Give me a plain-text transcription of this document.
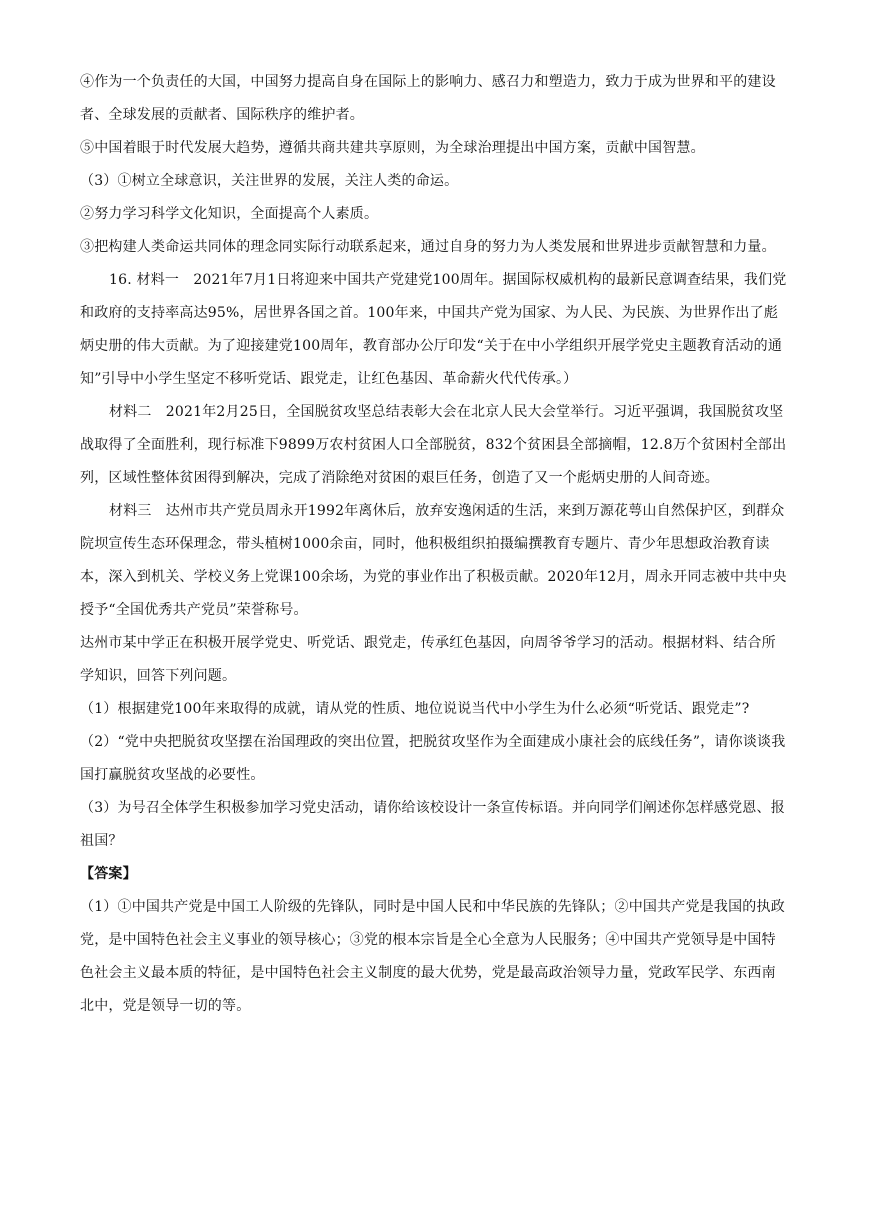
④作为一个负责任的大国，中国努力提高自身在国际上的影响力、感召力和塑造力，致力于成为世界和平的建设者、全球发展的贡献者、国际秩序的维护者。

⑤中国着眼于时代发展大趋势，遵循共商共建共享原则，为全球治理提出中国方案，贡献中国智慧。

（3）①树立全球意识，关注世界的发展，关注人类的命运。

②努力学习科学文化知识，全面提高个人素质。

③把构建人类命运共同体的理念同实际行动联系起来，通过自身的努力为人类发展和世界进步贡献智慧和力量。

16. 材料一　2021年7月1日将迎来中国共产党建党100周年。据国际权威机构的最新民意调查结果，我们党和政府的支持率高达95%，居世界各国之首。100年来，中国共产党为国家、为人民、为民族、为世界作出了彪炳史册的伟大贡献。为了迎接建党100周年，教育部办公厅印发“关于在中小学组织开展学党史主题教育活动的通知”引导中小学生坚定不移听党话、跟党走，让红色基因、革命薪火代代传承。）

材料二　2021年2月25日，全国脱贫攻坚总结表彰大会在北京人民大会堂举行。习近平强调，我国脱贫攻坚战取得了全面胜利，现行标准下9899万农村贫困人口全部脱贫，832个贫困县全部摘帽，12.8万个贫困村全部出列，区域性整体贫困得到解决，完成了消除绝对贫困的艰巨任务，创造了又一个彪炳史册的人间奇迹。

材料三　达州市共产党员周永开1992年离休后，放弃安逸闲适的生活，来到万源花萼山自然保护区，到群众院坝宣传生态环保理念，带头植树1000余亩，同时，他积极组织拍摄编撰教育专题片、青少年思想政治教育读本，深入到机关、学校义务上党课100余场，为党的事业作出了积极贡献。2020年12月，周永开同志被中共中央授予“全国优秀共产党员”荣誉称号。

达州市某中学正在积极开展学党史、听党话、跟党走，传承红色基因，向周爷爷学习的活动。根据材料、结合所学知识，回答下列问题。

（1）根据建党100年来取得的成就，请从党的性质、地位说说当代中小学生为什么必须“听党话、跟党走”?

（2）“党中央把脱贫攻坚摆在治国理政的突出位置，把脱贫攻坚作为全面建成小康社会的底线任务”，请你谈谈我国打赢脱贫攻坚战的必要性。

（3）为号召全体学生积极参加学习党史活动，请你给该校设计一条宣传标语。并向同学们阐述你怎样感党恩、报祖国？

【答案】

（1）①中国共产党是中国工人阶级的先锋队，同时是中国人民和中华民族的先锋队；②中国共产党是我国的执政党，是中国特色社会主义事业的领导核心；③党的根本宗旨是全心全意为人民服务；④中国共产党领导是中国特色社会主义最本质的特征，是中国特色社会主义制度的最大优势，党是最高政治领导力量，党政军民学、东西南北中，党是领导一切的等。
